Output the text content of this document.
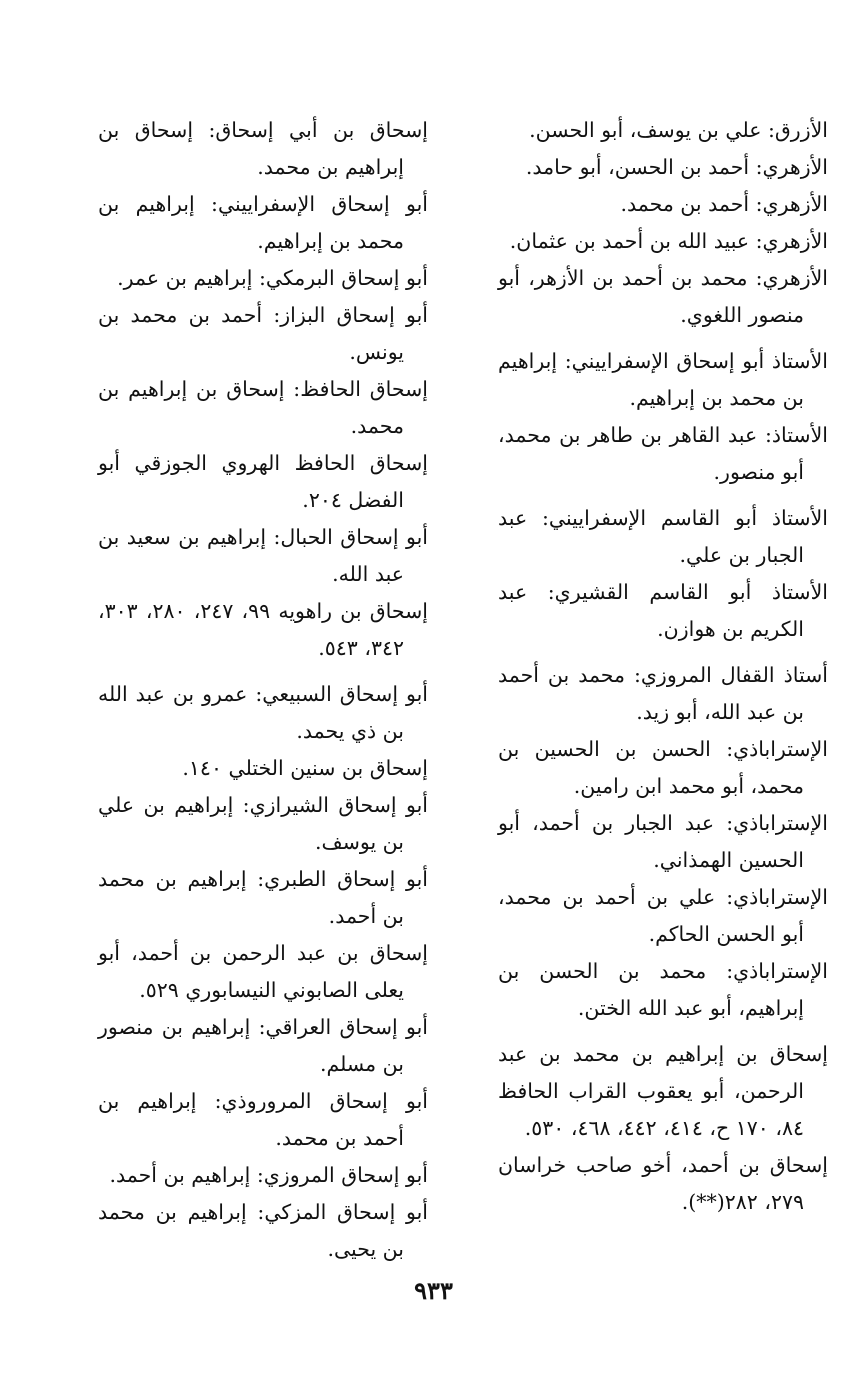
الأزرق: علي بن يوسف، أبو الحسن.

الأزهري: أحمد بن الحسن، أبو حامد.

الأزهري: أحمد بن محمد.

الأزهري: عبيد الله بن أحمد بن عثمان.

الأزهري: محمد بن أحمد بن الأزهر، أبو منصور اللغوي.

الأستاذ أبو إسحاق الإسفراييني: إبراهيم بن محمد بن إبراهيم.

الأستاذ: عبد القاهر بن طاهر بن محمد، أبو منصور.

الأستاذ أبو القاسم الإسفراييني: عبد الجبار بن علي.

الأستاذ أبو القاسم القشيري: عبد الكريم بن هوازن.

أستاذ القفال المروزي: محمد بن أحمد بن عبد الله، أبو زيد.

الإستراباذي: الحسن بن الحسين بن محمد، أبو محمد ابن رامين.

الإستراباذي: عبد الجبار بن أحمد، أبو الحسين الهمذاني.

الإستراباذي: علي بن أحمد بن محمد، أبو الحسن الحاكم.

الإستراباذي: محمد بن الحسن بن إبراهيم، أبو عبد الله الختن.

إسحاق بن إبراهيم بن محمد بن عبد الرحمن، أبو يعقوب القراب الحافظ ٨٤، ١٧٠ ح، ٤١٤، ٤٤٢، ٤٦٨، ٥٣٠.

إسحاق بن أحمد، أخو صاحب خراسان ٢٧٩، ٢٨٢(**).

إسحاق بن أبي إسحاق: إسحاق بن إبراهيم بن محمد.

أبو إسحاق الإسفراييني: إبراهيم بن محمد بن إبراهيم.

أبو إسحاق البرمكي: إبراهيم بن عمر.

أبو إسحاق البزاز: أحمد بن محمد بن يونس.

إسحاق الحافظ: إسحاق بن إبراهيم بن محمد.

إسحاق الحافظ الهروي الجوزقي أبو الفضل ٢٠٤.

أبو إسحاق الحبال: إبراهيم بن سعيد بن عبد الله.

إسحاق بن راهويه ٩٩، ٢٤٧، ٢٨٠، ٣٠٣، ٣٤٢، ٥٤٣.

أبو إسحاق السبيعي: عمرو بن عبد الله بن ذي يحمد.

إسحاق بن سنين الختلي ١٤٠.

أبو إسحاق الشيرازي: إبراهيم بن علي بن يوسف.

أبو إسحاق الطبري: إبراهيم بن محمد بن أحمد.

إسحاق بن عبد الرحمن بن أحمد، أبو يعلى الصابوني النيسابوري ٥٢٩.

أبو إسحاق العراقي: إبراهيم بن منصور بن مسلم.

أبو إسحاق المروروذي: إبراهيم بن أحمد بن محمد.

أبو إسحاق المروزي: إبراهيم بن أحمد.

أبو إسحاق المزكي: إبراهيم بن محمد بن يحيى.

٩٣٣
